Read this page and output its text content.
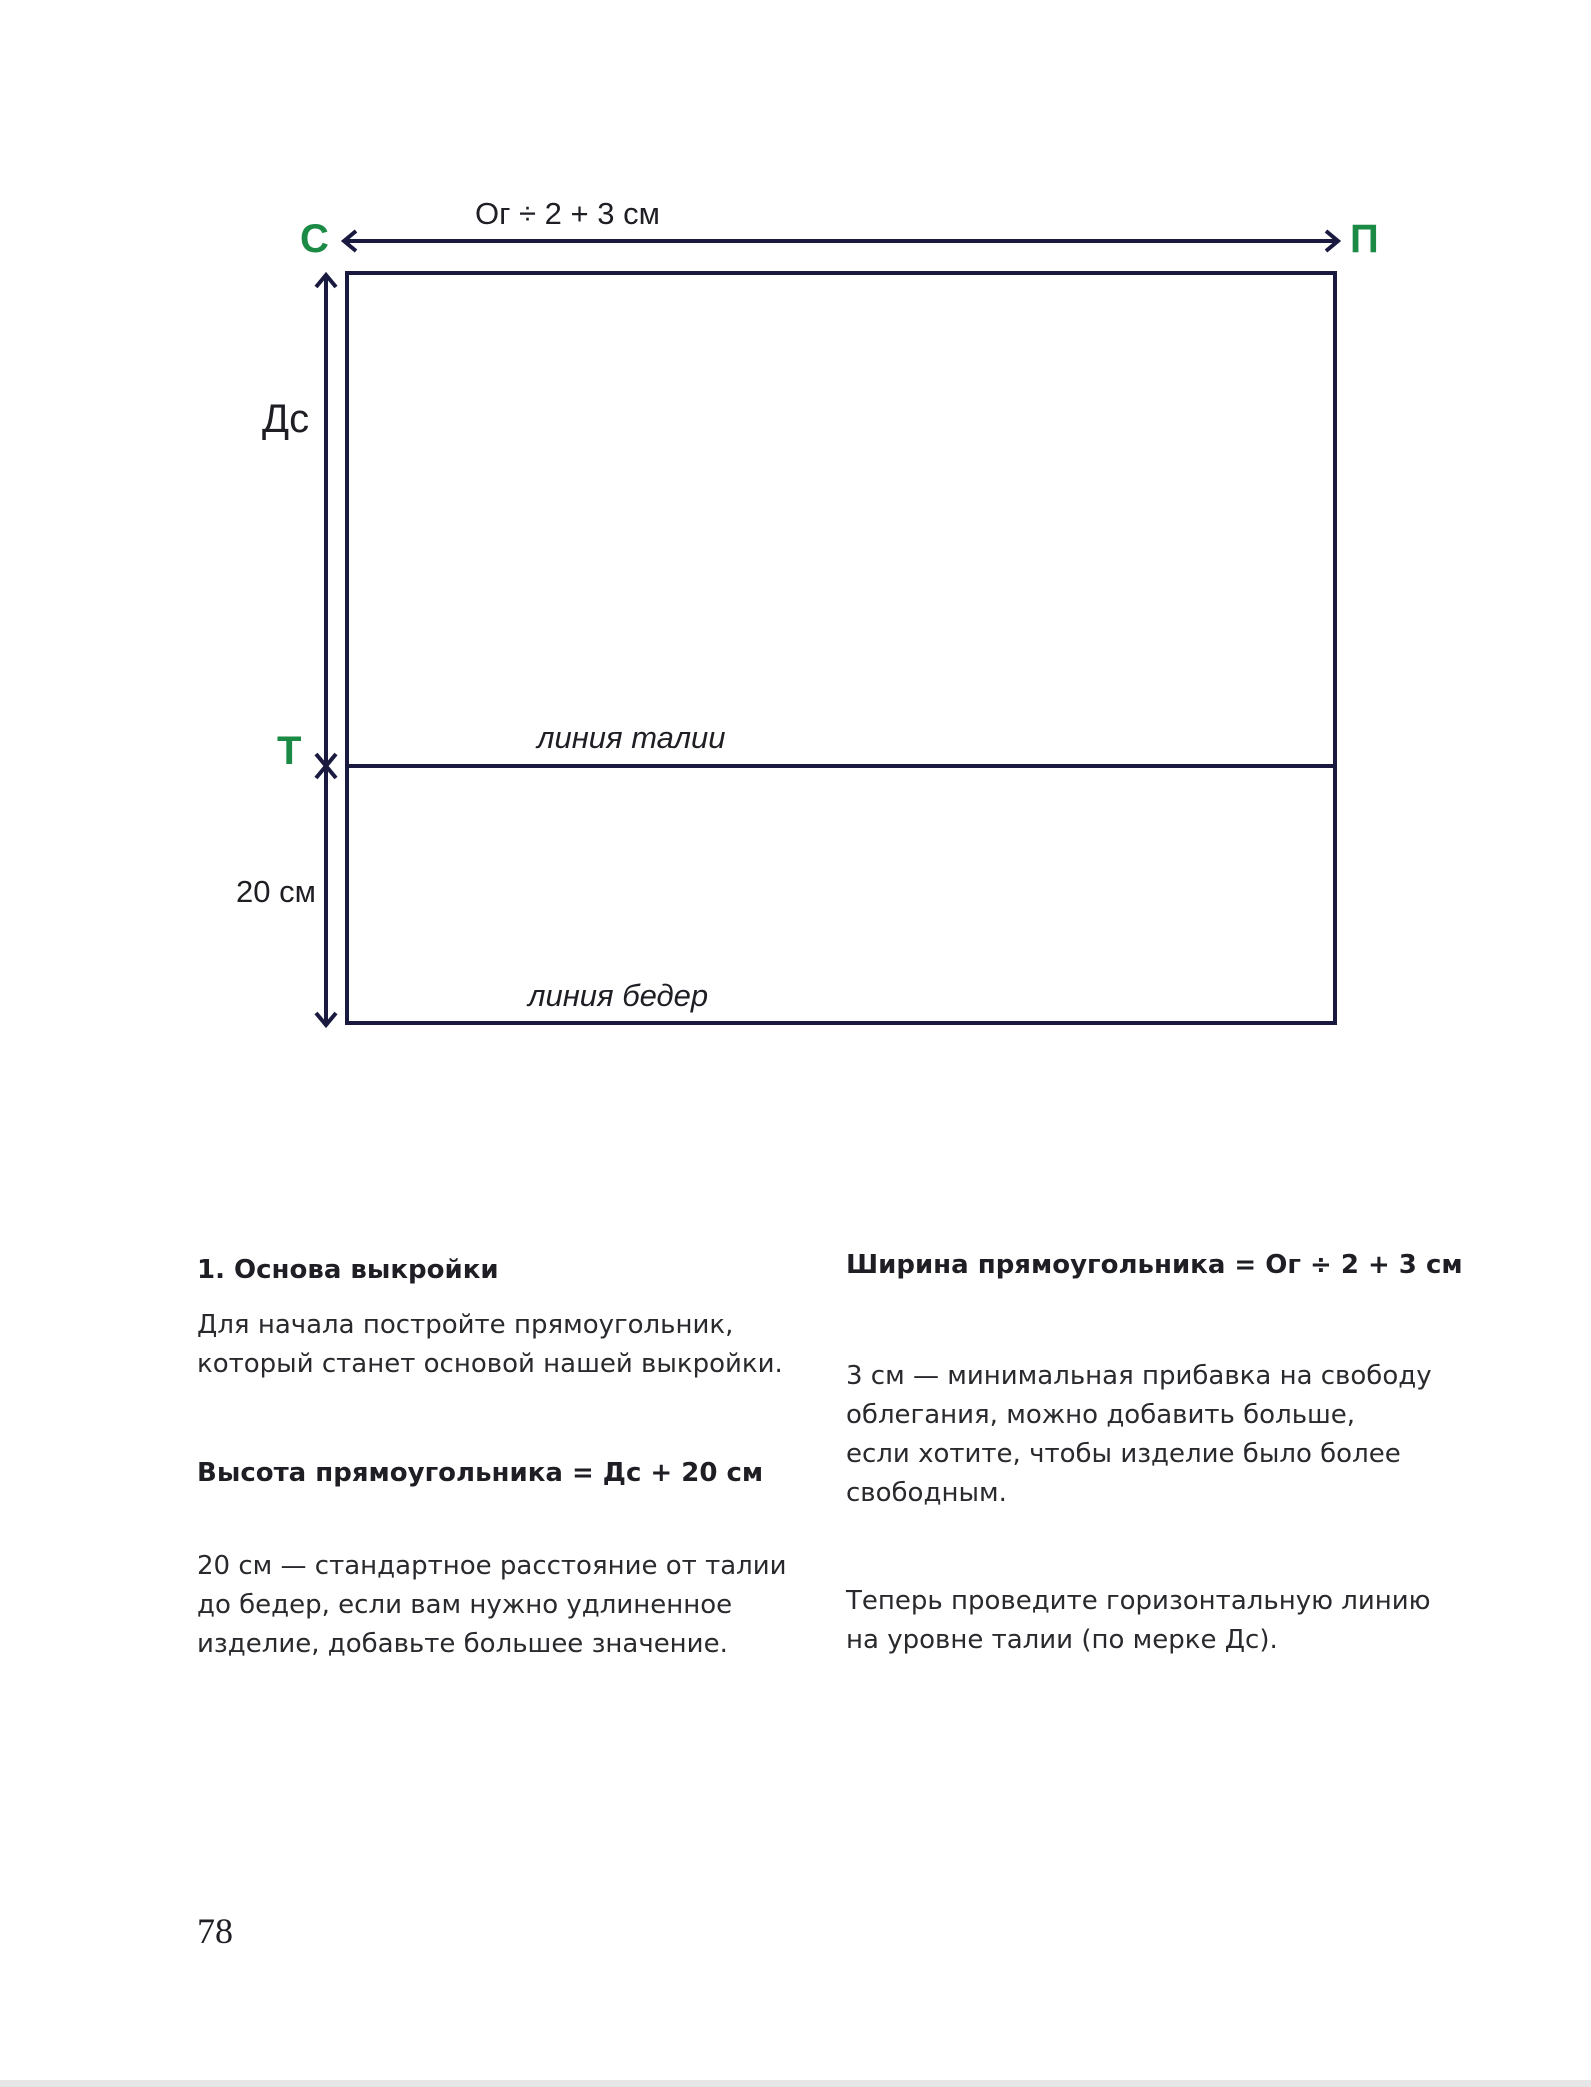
Ог ÷ 2 + 3 см
С	П
Т
Дс
20 см
линия талии
линия бедер
1. Основа выкройки
Для начала постройте прямоугольник,
который станет основой нашей выкройки.
Высота прямоугольника = Дс + 20 см
20 см — стандартное расстояние от талии
до бедер, если вам нужно удлиненное
изделие, добавьте большее значение.
Ширина прямоугольника = Ог ÷ 2 + 3 см
3 см — минимальная прибавка на свободу
облегания, можно добавить больше,
если хотите, чтобы изделие было более
свободным.
Теперь проведите горизонтальную линию
на уровне талии (по мерке Дс).
78
